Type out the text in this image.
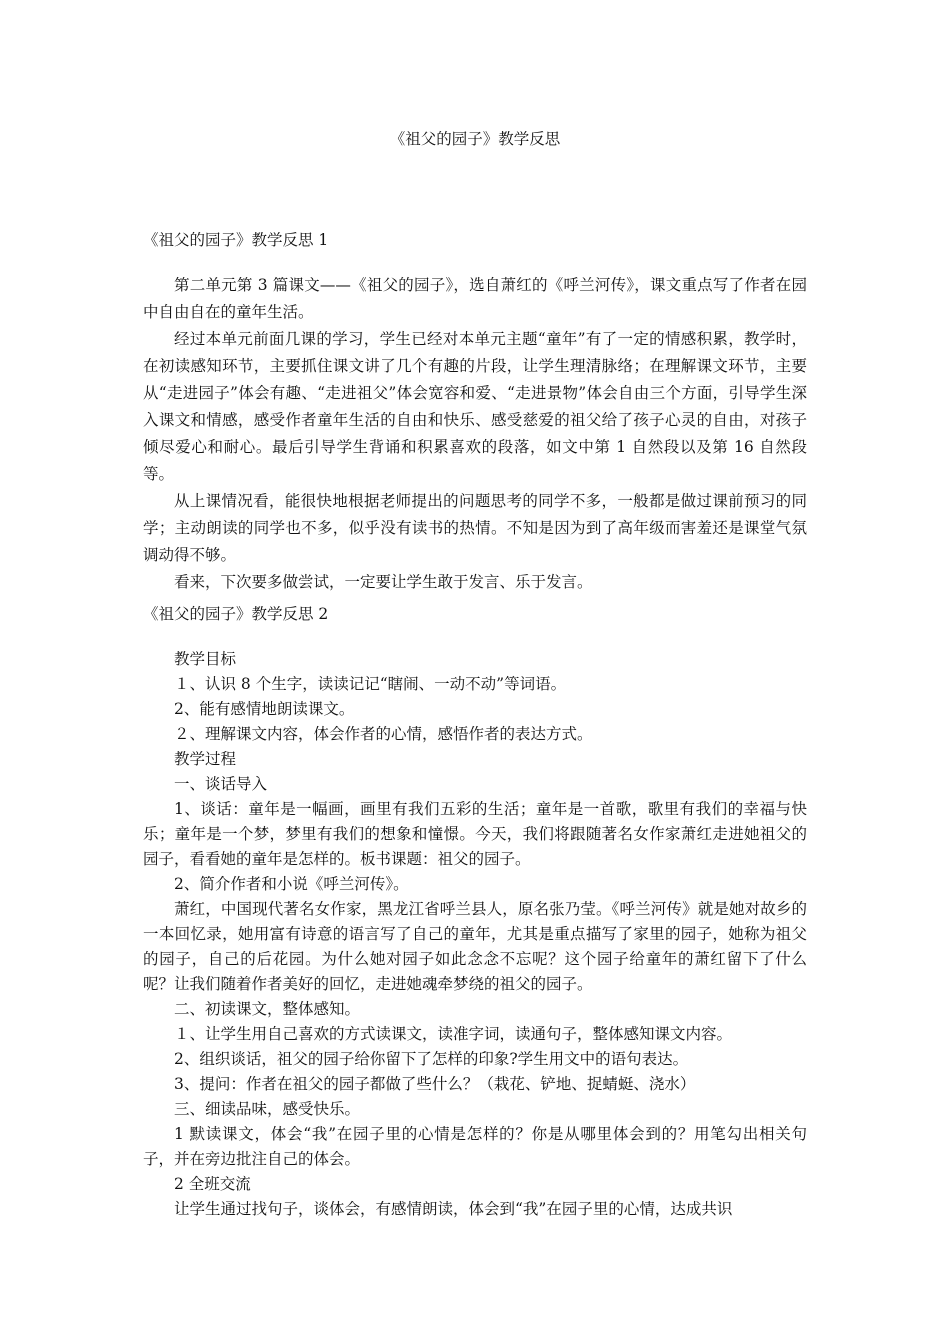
《祖父的园子》教学反思
《祖父的园子》教学反思 1

第二单元第 3 篇课文——《祖父的园子》，选自萧红的《呼兰河传》，课文重点写了作者在园中自由自在的童年生活。

经过本单元前面几课的学习，学生已经对本单元主题“童年”有了一定的情感积累，教学时，在初读感知环节，主要抓住课文讲了几个有趣的片段，让学生理清脉络；在理解课文环节，主要从“走进园子”体会有趣、“走进祖父”体会宽容和爱、“走进景物”体会自由三个方面，引导学生深入课文和情感，感受作者童年生活的自由和快乐、感受慈爱的祖父给了孩子心灵的自由，对孩子倾尽爱心和耐心。最后引导学生背诵和积累喜欢的段落，如文中第 1 自然段以及第 16 自然段等。

从上课情况看，能很快地根据老师提出的问题思考的同学不多，一般都是做过课前预习的同学；主动朗读的同学也不多，似乎没有读书的热情。不知是因为到了高年级而害羞还是课堂气氛调动得不够。

看来，下次要多做尝试，一定要让学生敢于发言、乐于发言。

《祖父的园子》教学反思 2

教学目标

１、认识 8 个生字，读读记记“瞎闹、一动不动”等词语。

2、能有感情地朗读课文。

２、理解课文内容，体会作者的心情，感悟作者的表达方式。

教学过程

一、谈话导入

1、谈话：童年是一幅画，画里有我们五彩的生活；童年是一首歌，歌里有我们的幸福与快乐；童年是一个梦，梦里有我们的想象和憧憬。今天，我们将跟随著名女作家萧红走进她祖父的园子，看看她的童年是怎样的。板书课题：祖父的园子。

2、简介作者和小说《呼兰河传》。

萧红，中国现代著名女作家，黑龙江省呼兰县人，原名张乃莹。《呼兰河传》就是她对故乡的一本回忆录，她用富有诗意的语言写了自己的童年，尤其是重点描写了家里的园子，她称为祖父的园子，自己的后花园。为什么她对园子如此念念不忘呢？这个园子给童年的萧红留下了什么呢？让我们随着作者美好的回忆，走进她魂牵梦绕的祖父的园子。

二、初读课文，整体感知。

１、让学生用自己喜欢的方式读课文，读准字词，读通句子，整体感知课文内容。

2、组织谈话，祖父的园子给你留下了怎样的印象?学生用文中的语句表达。

3、提问：作者在祖父的园子都做了些什么？（栽花、铲地、捉蜻蜓、浇水）

三、细读品味，感受快乐。

1 默读课文，体会“我”在园子里的心情是怎样的？你是从哪里体会到的？用笔勾出相关句子，并在旁边批注自己的体会。

2 全班交流

让学生通过找句子，谈体会，有感情朗读，体会到“我”在园子里的心情，达成共识
